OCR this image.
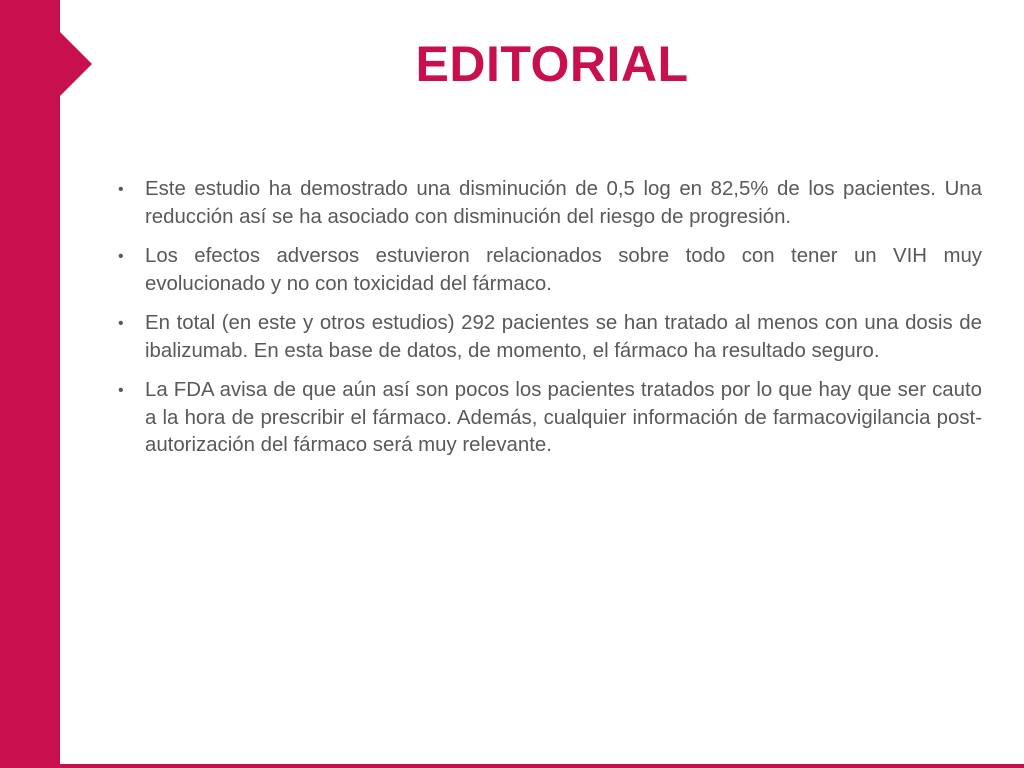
EDITORIAL
• Este estudio ha demostrado una disminución de 0,5 log en 82,5% de los pacientes. Una reducción así se ha asociado con disminución del riesgo de progresión.
• Los efectos adversos estuvieron relacionados sobre todo con tener un VIH muy evolucionado y no con toxicidad del fármaco.
• En total (en este y otros estudios) 292 pacientes se han tratado al menos con una dosis de ibalizumab. En esta base de datos, de momento, el fármaco ha resultado seguro.
• La FDA avisa de que aún así son pocos los pacientes tratados por lo que hay que ser cauto a la hora de prescribir el fármaco. Además, cualquier información de farmacovigilancia post-autorización del fármaco será muy relevante.
